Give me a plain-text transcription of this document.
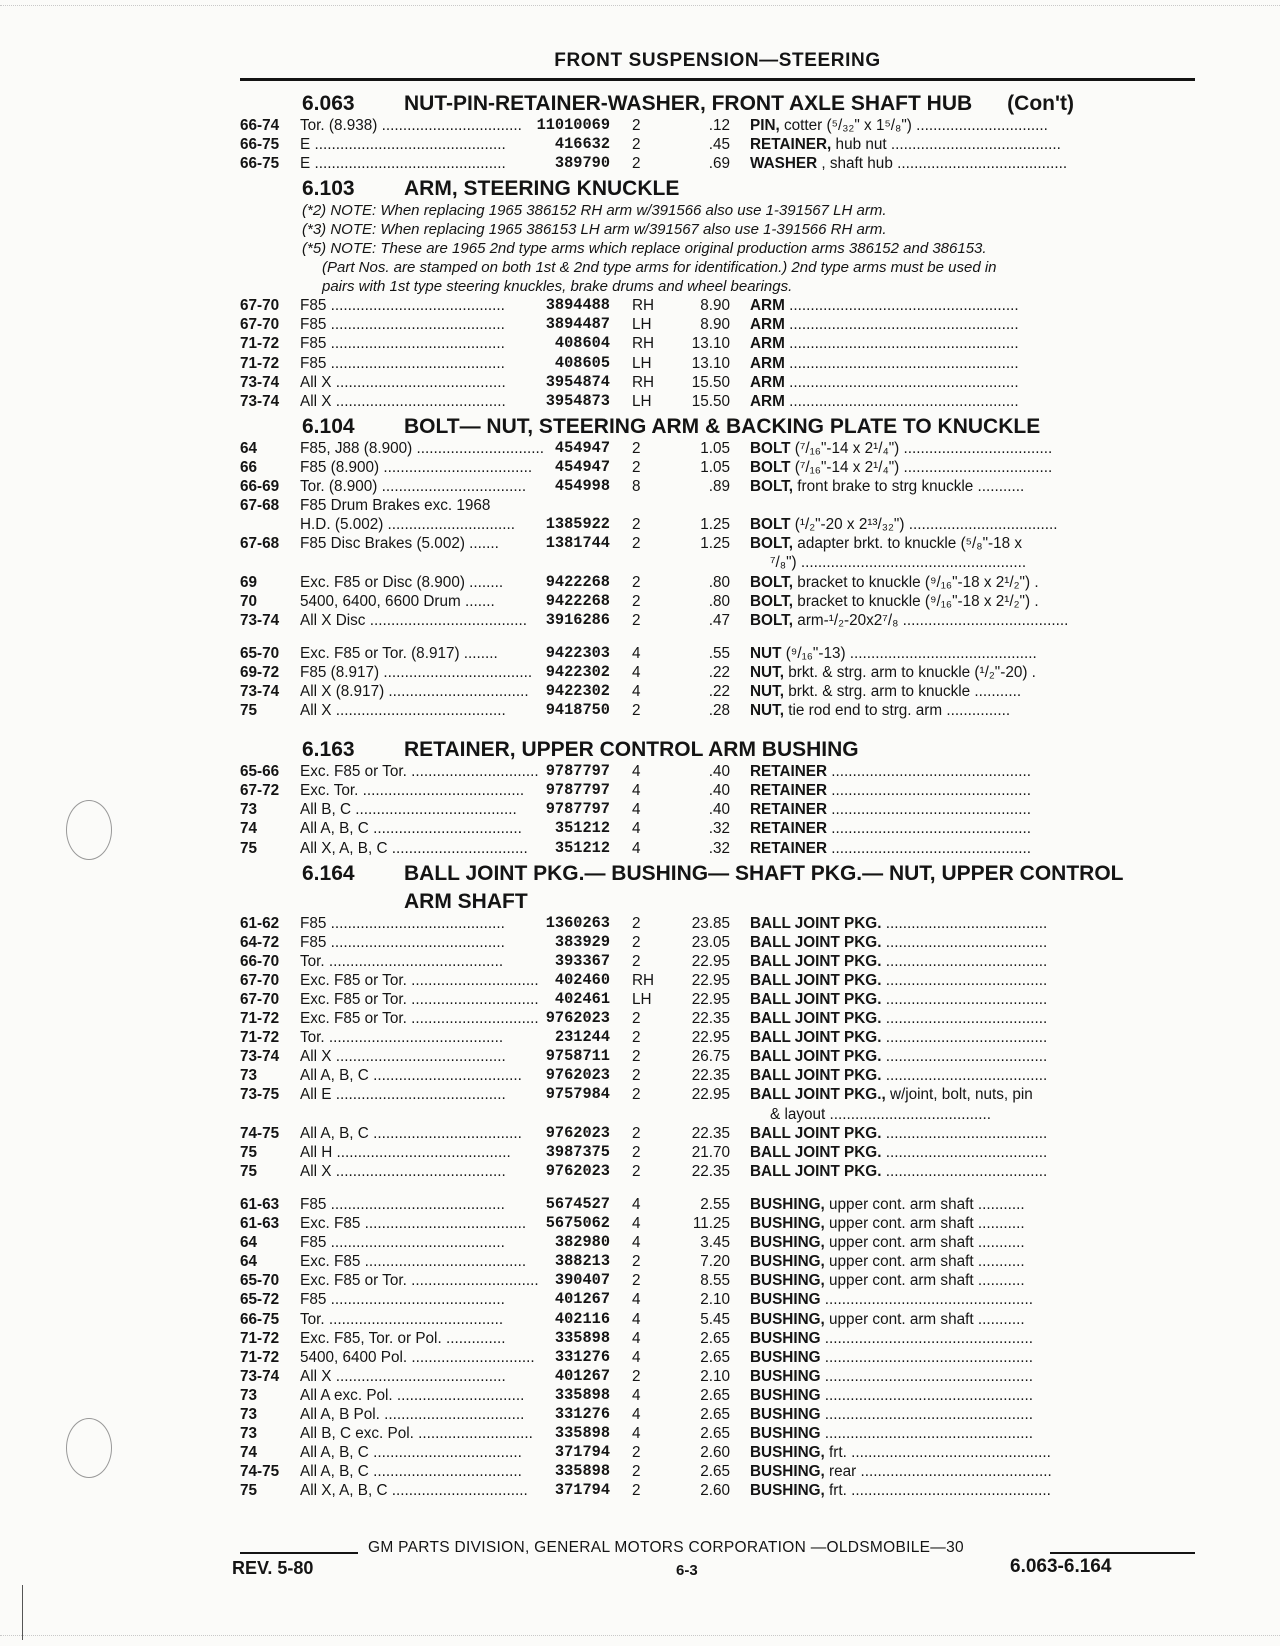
FRONT SUSPENSION—STEERING
6.063	NUT-PIN-RETAINER-WASHER, FRONT AXLE SHAFT HUB (Con't)
66-74	Tor. (8.938) ................................. 11010069	2	.12	PIN, cotter (⁵/₃₂" x 1⁵/₈") ...............................
66-75	E .............................................	416632	2	.45	RETAINER, hub nut ........................................
66-75	E .............................................	389790	2	.69	WASHER , shaft hub ........................................
6.103	ARM, STEERING KNUCKLE
(*2) NOTE: When replacing 1965 386152 RH arm w/391566 also use 1-391567 LH arm.
(*3) NOTE: When replacing 1965 386153 LH arm w/391567 also use 1-391566 RH arm.
(*5) NOTE: These are 1965 2nd type arms which replace original production arms 386152 and 386153.
(Part Nos. are stamped on both 1st & 2nd type arms for identification.) 2nd type arms must be used in
pairs with 1st type steering knuckles, brake drums and wheel bearings.
67-70	F85 .........................................	3894488	RH	8.90	ARM ......................................................
67-70	F85 .........................................	3894487	LH	8.90	ARM ......................................................
71-72	F85 .........................................	408604	RH	13.10	ARM ......................................................
71-72	F85 .........................................	408605	LH	13.10	ARM ......................................................
73-74	All X ........................................	3954874	RH	15.50	ARM ......................................................
73-74	All X ........................................	3954873	LH	15.50	ARM ......................................................
6.104	BOLT— NUT, STEERING ARM & BACKING PLATE TO KNUCKLE
64	F85, J88 (8.900) .............................. 454947	2	1.05	BOLT (⁷/₁₆"-14 x 2¹/₄") ...................................
66	F85 (8.900) ...................................	454947	2	1.05	BOLT (⁷/₁₆"-14 x 2¹/₄") ...................................
66-69	Tor. (8.900) ..................................	454998	8	.89	BOLT, front brake to strg knuckle ...........
67-68	F85 Drum Brakes exc. 1968
H.D. (5.002) ..............................	1385922	2	1.25	BOLT (¹/₂"-20 x 2¹³/₃₂") ...................................
67-68	F85 Disc Brakes (5.002) .......	1381744	2	1.25	BOLT, adapter brkt. to knuckle (⁵/₈"-18 x
⁷/₈") .....................................................
69	Exc. F85 or Disc (8.900) ........	9422268	2	.80	BOLT, bracket to knuckle (⁹/₁₆"-18 x 2¹/₂") .
70	5400, 6400, 6600 Drum .......	9422268	2	.80	BOLT, bracket to knuckle (⁹/₁₆"-18 x 2¹/₂") .
73-74	All X Disc .....................................	3916286	2	.47	BOLT, arm-¹/₂-20x2⁷/₈ .......................................
65-70	Exc. F85 or Tor. (8.917) ........	9422303	4	.55	NUT (⁹/₁₆"-13) ............................................
69-72	F85 (8.917) ................................... 9422302	4	.22	NUT, brkt. & strg. arm to knuckle (¹/₂"-20) .
73-74	All X (8.917) .................................	9422302	4	.22	NUT, brkt. & strg. arm to knuckle ...........
75	All X ........................................	9418750	2	.28	NUT, tie rod end to strg. arm ...............
6.163	RETAINER, UPPER CONTROL ARM BUSHING
65-66	Exc. F85 or Tor. .............................. 9787797	4	.40	RETAINER ...............................................
67-72	Exc. Tor. ......................................	9787797	4	.40	RETAINER ...............................................
73	All B, C ......................................	9787797	4	.40	RETAINER ...............................................
74	All A, B, C ...................................	351212	4	.32	RETAINER ...............................................
75	All X, A, B, C ................................	351212	4	.32	RETAINER ...............................................
6.164	BALL JOINT PKG.— BUSHING— SHAFT PKG.— NUT, UPPER CONTROL
ARM SHAFT
61-62	F85 .........................................	1360263	2	23.85	BALL JOINT PKG. ......................................
64-72	F85 .........................................	383929	2	23.05	BALL JOINT PKG. ......................................
66-70	Tor. .........................................	393367	2	22.95	BALL JOINT PKG. ......................................
67-70	Exc. F85 or Tor. ..............................	402460	RH	22.95	BALL JOINT PKG. ......................................
67-70	Exc. F85 or Tor. ..............................	402461	LH	22.95	BALL JOINT PKG. ......................................
71-72	Exc. F85 or Tor. .............................. 9762023	2	22.35	BALL JOINT PKG. ......................................
71-72	Tor. .........................................	231244	2	22.95	BALL JOINT PKG. ......................................
73-74	All X ........................................	9758711	2	26.75	BALL JOINT PKG. ......................................
73	All A, B, C ...................................	9762023	2	22.35	BALL JOINT PKG. ......................................
73-75	All E ........................................	9757984	2	22.95	BALL JOINT PKG., w/joint, bolt, nuts, pin
& layout ......................................
74-75	All A, B, C ...................................	9762023	2	22.35	BALL JOINT PKG. ......................................
75	All H .........................................	3987375	2	21.70	BALL JOINT PKG. ......................................
75	All X ........................................	9762023	2	22.35	BALL JOINT PKG. ......................................
61-63	F85 .........................................	5674527	4	2.55	BUSHING, upper cont. arm shaft ...........
61-63	Exc. F85 ......................................	5675062	4	11.25	BUSHING, upper cont. arm shaft ...........
64	F85 .........................................	382980	4	3.45	BUSHING, upper cont. arm shaft ...........
64	Exc. F85 ......................................	388213	2	7.20	BUSHING, upper cont. arm shaft ...........
65-70	Exc. F85 or Tor. ..............................	390407	2	8.55	BUSHING, upper cont. arm shaft ...........
65-72	F85 .........................................	401267	4	2.10	BUSHING .................................................
66-75	Tor. .........................................	402116	4	5.45	BUSHING, upper cont. arm shaft ...........
71-72	Exc. F85, Tor. or Pol. ..............	335898	4	2.65	BUSHING .................................................
71-72	5400, 6400 Pol. .............................	331276	4	2.65	BUSHING .................................................
73-74	All X ........................................	401267	2	2.10	BUSHING .................................................
73	All A exc. Pol. ..............................	335898	4	2.65	BUSHING .................................................
73	All A, B Pol. .................................	331276	4	2.65	BUSHING .................................................
73	All B, C exc. Pol. ...........................	335898	4	2.65	BUSHING .................................................
74	All A, B, C ...................................	371794	2	2.60	BUSHING, frt. ...............................................
74-75	All A, B, C ...................................	335898	2	2.65	BUSHING, rear .............................................
75	All X, A, B, C ................................	371794	2	2.60	BUSHING, frt. ...............................................
GM PARTS DIVISION, GENERAL MOTORS CORPORATION —OLDSMOBILE—30
REV. 5-80	6-3	6.063-6.164
